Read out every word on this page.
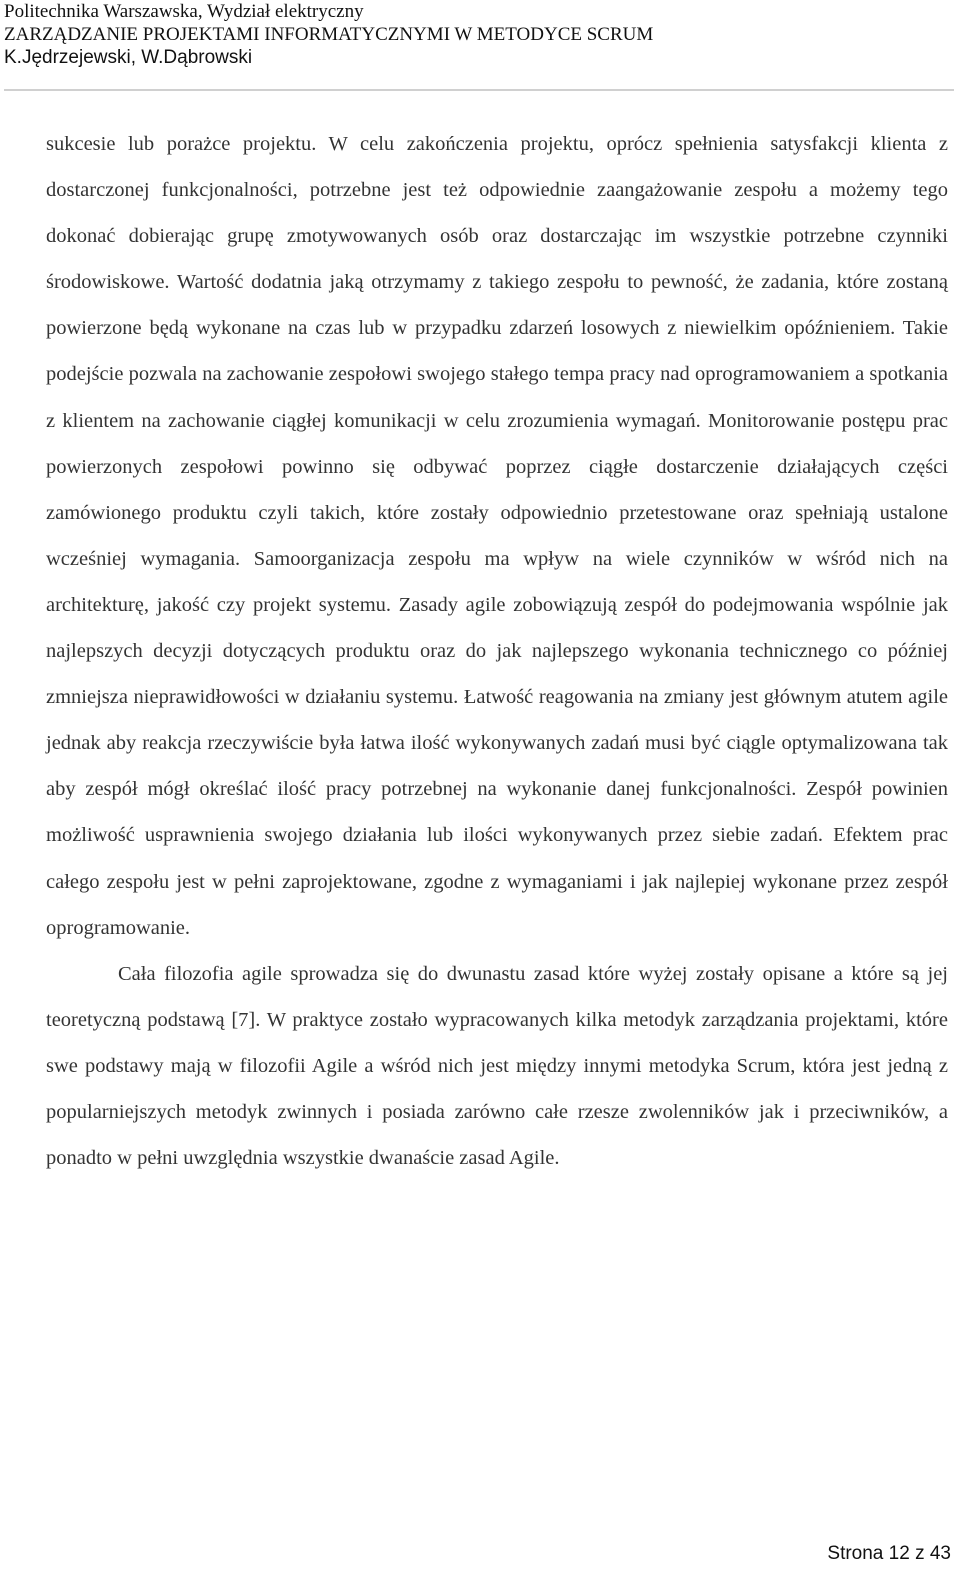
Politechnika Warszawska, Wydział elektryczny
ZARZĄDZANIE PROJEKTAMI INFORMATYCZNYMI W METODYCE SCRUM
K.Jędrzejewski, W.Dąbrowski

sukcesie lub porażce projektu. W celu zakończenia projektu, oprócz spełnienia satysfakcji klienta z dostarczonej funkcjonalności, potrzebne jest też odpowiednie zaangażowanie zespołu a możemy tego dokonać dobierając grupę zmotywowanych osób oraz dostarczając im wszystkie potrzebne czynniki środowiskowe. Wartość dodatnia jaką otrzymamy z takiego zespołu to pewność, że zadania, które zostaną powierzone będą wykonane na czas lub w przypadku zdarzeń losowych z niewielkim opóźnieniem. Takie podejście pozwala na zachowanie zespołowi swojego stałego tempa pracy nad oprogramowaniem a spotkania z klientem na zachowanie ciągłej komunikacji w celu zrozumienia wymagań. Monitorowanie postępu prac powierzonych zespołowi powinno się odbywać poprzez ciągłe dostarczenie działających części zamówionego produktu czyli takich, które zostały odpowiednio przetestowane oraz spełniają ustalone wcześniej wymagania. Samoorganizacja zespołu ma wpływ na wiele czynników w wśród nich na architekturę, jakość czy projekt systemu. Zasady agile zobowiązują zespół do podejmowania wspólnie jak najlepszych decyzji dotyczących produktu oraz do jak najlepszego wykonania technicznego co później zmniejsza nieprawidłowości w działaniu systemu. Łatwość reagowania na zmiany jest głównym atutem agile jednak aby reakcja rzeczywiście była łatwa ilość wykonywanych zadań musi być ciągle optymalizowana tak aby zespół mógł określać ilość pracy potrzebnej na wykonanie danej funkcjonalności. Zespół powinien możliwość usprawnienia swojego działania lub ilości wykonywanych przez siebie zadań. Efektem prac całego zespołu jest w pełni zaprojektowane, zgodne z wymaganiami i jak najlepiej wykonane przez zespół oprogramowanie.

Cała filozofia agile sprowadza się do dwunastu zasad które wyżej zostały opisane a które są jej teoretyczną podstawą [7]. W praktyce zostało wypracowanych kilka metodyk zarządzania projektami, które swe podstawy mają w filozofii Agile a wśród nich jest między innymi metodyka Scrum, która jest jedną z popularniejszych metodyk zwinnych i posiada zarówno całe rzesze zwolenników jak i przeciwników, a ponadto w pełni uwzględnia wszystkie dwanaście zasad Agile.

Strona 12 z 43
